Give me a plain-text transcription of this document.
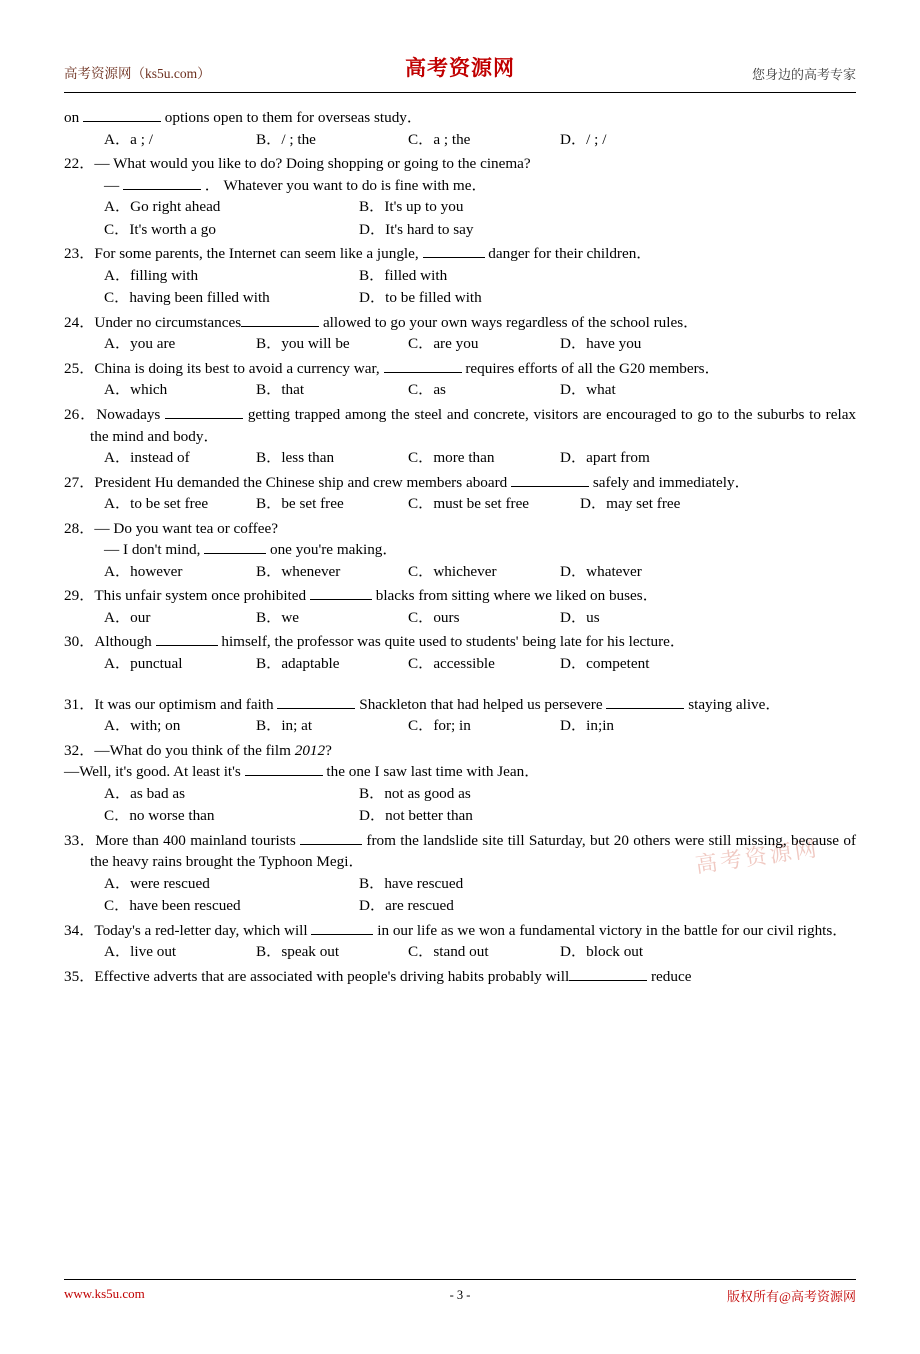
高考资源网（ks5u.com）	高考资源网	您身边的高考专家
高考资源网
on	options open to them for overseas study．
A．a ; /	B．/ ; the	C．a ; the	D．/ ; /
22．— What would you like to do? Doing shopping or going to the cinema?
—	． Whatever you want to do is fine with me．
A．Go right ahead	B．It's up to you
C．It's worth a go	D．It's hard to say
23．For some parents, the Internet can seem like a jungle,	danger for their children．
A．filling with	B．filled with
C．having been filled with	D．to be filled with
24．Under no circumstances	allowed to go your own ways regardless of the school rules．
A．you are	B．you will be	C．are you	D．have you
25．China is doing its best to avoid a currency war,	requires efforts of all the G20 members．
A．which	B．that	C．as	D．what
26．Nowadays	getting trapped among the steel and concrete, visitors are encouraged to go to the suburbs to relax the mind and body．
A．instead of	B．less than	C．more than	D．apart from
27．President Hu demanded the Chinese ship and crew members aboard	safely and immediately．
A．to be set free	B．be set free	C．must be set free	D．may set free
28．— Do you want tea or coffee?
— I don't mind,	one you're making．
A．however	B．whenever	C．whichever	D．whatever
29．This unfair system once prohibited	blacks from sitting where we liked on buses．
A．our	B．we	C．ours	D．us
30．Although	himself, the professor was quite used to students' being late for his lecture．
A．punctual	B．adaptable	C．accessible	D．competent
31．It was our optimism and faith	Shackleton that had helped us persevere	staying alive．
A．with; on	B．in; at	C．for; in	D．in;in
32．—What do you think of the film 2012?
—Well, it's good. At least it's	the one I saw last time with Jean．
A．as bad as	B．not as good as
C．no worse than	D．not better than
33．More than 400 mainland tourists	from the landslide site till Saturday, but 20 others were still missing, because of the heavy rains brought the Typhoon Megi．
A．were rescued	B．have rescued
C．have been rescued	D．are rescued
34．Today's a red-letter day, which will	in our life as we won a fundamental victory in the battle for our civil rights．
A．live out	B．speak out	C．stand out	D．block out
35．Effective adverts that are associated with people's driving habits probably will	reduce
www.ks5u.com	- 3 -	版权所有@高考资源网
